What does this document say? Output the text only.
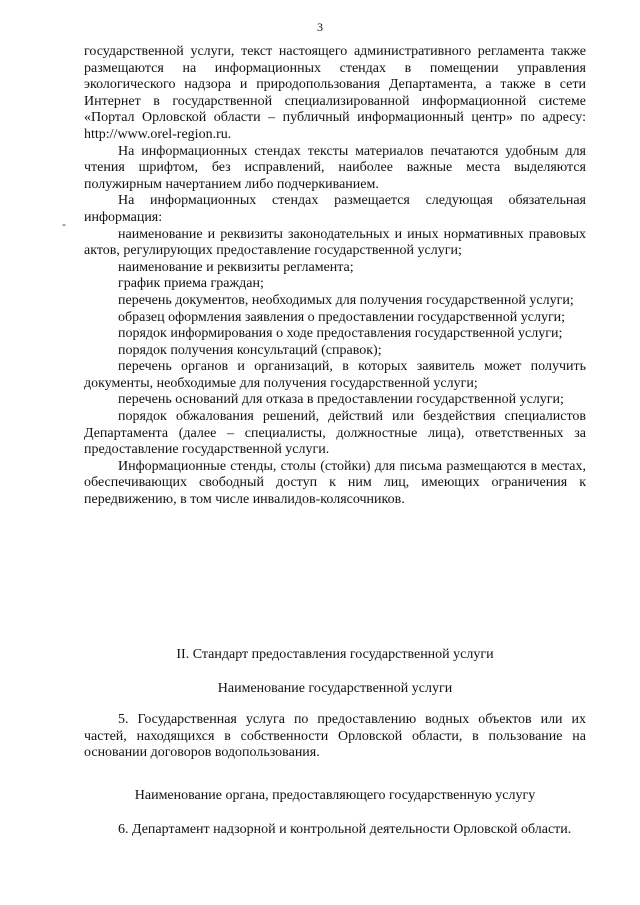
3
-

государственной услуги, текст настоящего административного регламента также размещаются на информационных стендах в помещении управления экологического надзора и природопользования Департамента, а также в сети Интернет в государственной специализированной информационной системе «Портал Орловской области – публичный информационный центр» по адресу: http://www.orel-region.ru.

На информационных стендах тексты материалов печатаются удобным для чтения шрифтом, без исправлений, наиболее важные места выделяются полужирным начертанием либо подчеркиванием.

На информационных стендах размещается следующая обязательная информация:

наименование и реквизиты законодательных и иных нормативных правовых актов, регулирующих предоставление государственной услуги;

наименование и реквизиты регламента;

график приема граждан;

перечень документов, необходимых для получения государственной услуги;

образец оформления заявления о предоставлении государственной услуги;

порядок информирования о ходе предоставления государственной услуги;

порядок получения консультаций (справок);

перечень органов и организаций, в которых заявитель может получить документы, необходимые для получения государственной услуги;

перечень оснований для отказа в предоставлении государственной услуги;

порядок обжалования решений, действий или бездействия специалистов Департамента (далее – специалисты, должностные лица), ответственных за предоставление государственной услуги.

Информационные стенды, столы (стойки) для письма размещаются в местах, обеспечивающих свободный доступ к ним лиц, имеющих ограничения к передвижению, в том числе инвалидов-колясочников.

II. Стандарт предоставления государственной услуги
Наименование государственной услуги

5. Государственная услуга по предоставлению водных объектов или их частей, находящихся в собственности Орловской области, в пользование на основании договоров водопользования.

Наименование органа, предоставляющего государственную услугу

6. Департамент надзорной и контрольной деятельности Орловской области.
